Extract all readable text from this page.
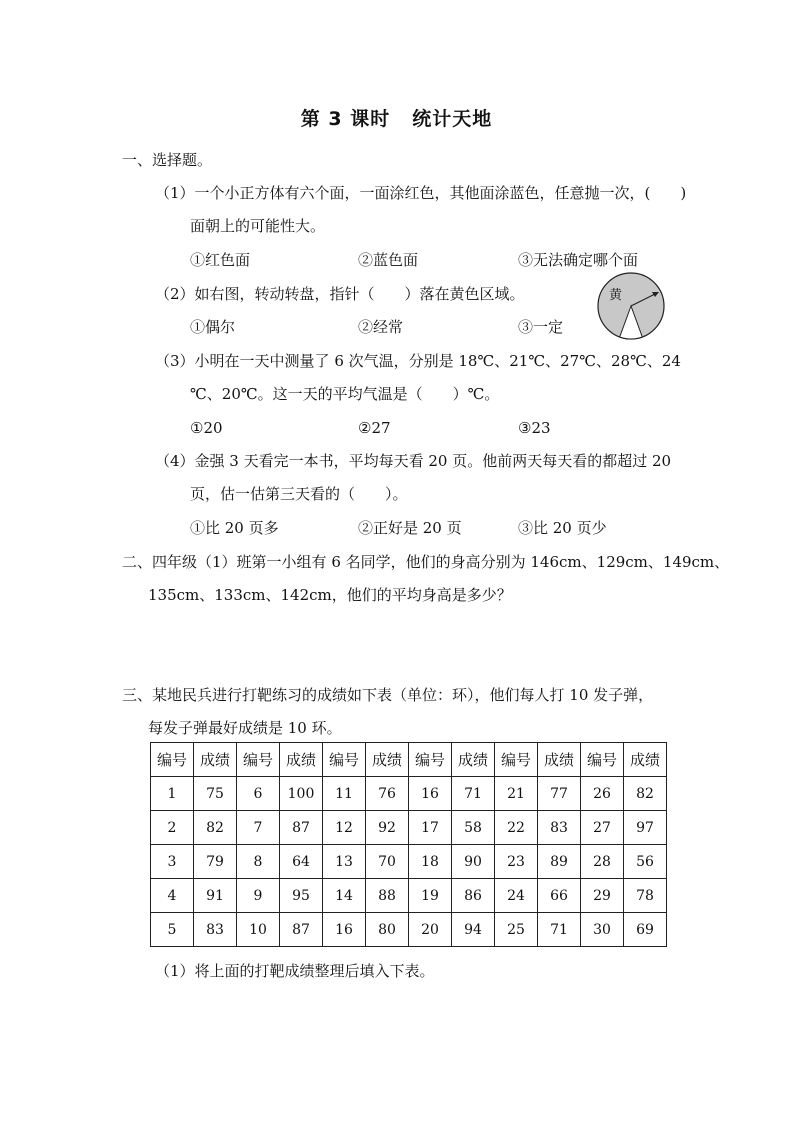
第 3 课时 统计天地
一、选择题。
（1）一个小正方体有六个面，一面涂红色，其他面涂蓝色，任意抛一次，(　　)
面朝上的可能性大。
①红色面	②蓝色面	③无法确定哪个面
（2）如右图，转动转盘，指针（　　）落在黄色区域。
①偶尔	②经常	③一定
黄
（3）小明在一天中测量了 6 次气温，分别是 18℃、21℃、27℃、28℃、24
℃、20℃。这一天的平均气温是（　　）℃。
①20	②27	③23
（4）金强 3 天看完一本书，平均每天看 20 页。他前两天每天看的都超过 20
页，估一估第三天看的（　　）。
①比 20 页多	②正好是 20 页	③比 20 页少
二、四年级（1）班第一小组有 6 名同学，他们的身高分别为 146cm、129cm、149cm、
135cm、133cm、142cm，他们的平均身高是多少？
三、某地民兵进行打靶练习的成绩如下表（单位：环），他们每人打 10 发子弹，
每发子弹最好成绩是 10 环。
编号	成绩	编号	成绩	编号	成绩	编号	成绩	编号	成绩	编号	成绩
1	75	6	100	11	76	16	71	21	77	26	82
2	82	7	87	12	92	17	58	22	83	27	97
3	79	8	64	13	70	18	90	23	89	28	56
4	91	9	95	14	88	19	86	24	66	29	78
5	83	10	87	16	80	20	94	25	71	30	69
（1）将上面的打靶成绩整理后填入下表。
